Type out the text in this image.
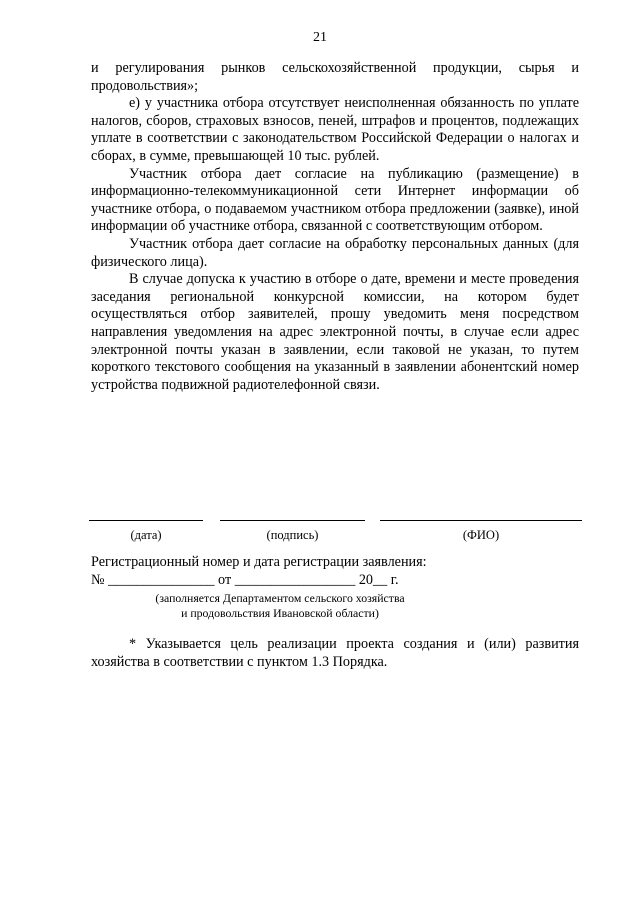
21

и регулирования рынков сельскохозяйственной продукции, сырья и продовольствия»;

е) у участника отбора отсутствует неисполненная обязанность по уплате налогов, сборов, страховых взносов, пеней, штрафов и процентов, подлежащих уплате в соответствии с законодательством Российской Федерации о налогах и сборах, в сумме, превышающей 10 тыс. рублей.

Участник отбора дает согласие на публикацию (размещение) в информационно-телекоммуникационной сети Интернет информации об участнике отбора, о подаваемом участником отбора предложении (заявке), иной информации об участнике отбора, связанной с соответствующим отбором.

Участник отбора дает согласие на обработку персональных данных (для физического лица).

В случае допуска к участию в отборе о дате, времени и месте проведения заседания региональной конкурсной комиссии, на котором будет осуществляться отбор заявителей, прошу уведомить меня посредством направления уведомления на адрес электронной почты, в случае если адрес электронной почты указан в заявлении, если таковой не указан, то путем короткого текстового сообщения на указанный в заявлении абонентский номер устройства подвижной радиотелефонной связи.

(дата)	(подпись)	(ФИО)
Регистрационный номер и дата регистрации заявления:
№ _______________ от _________________ 20__ г.
(заполняется Департаментом сельского хозяйства
и продовольствия Ивановской области)

* Указывается цель реализации проекта создания и (или) развития хозяйства в соответствии с пунктом 1.3 Порядка.
